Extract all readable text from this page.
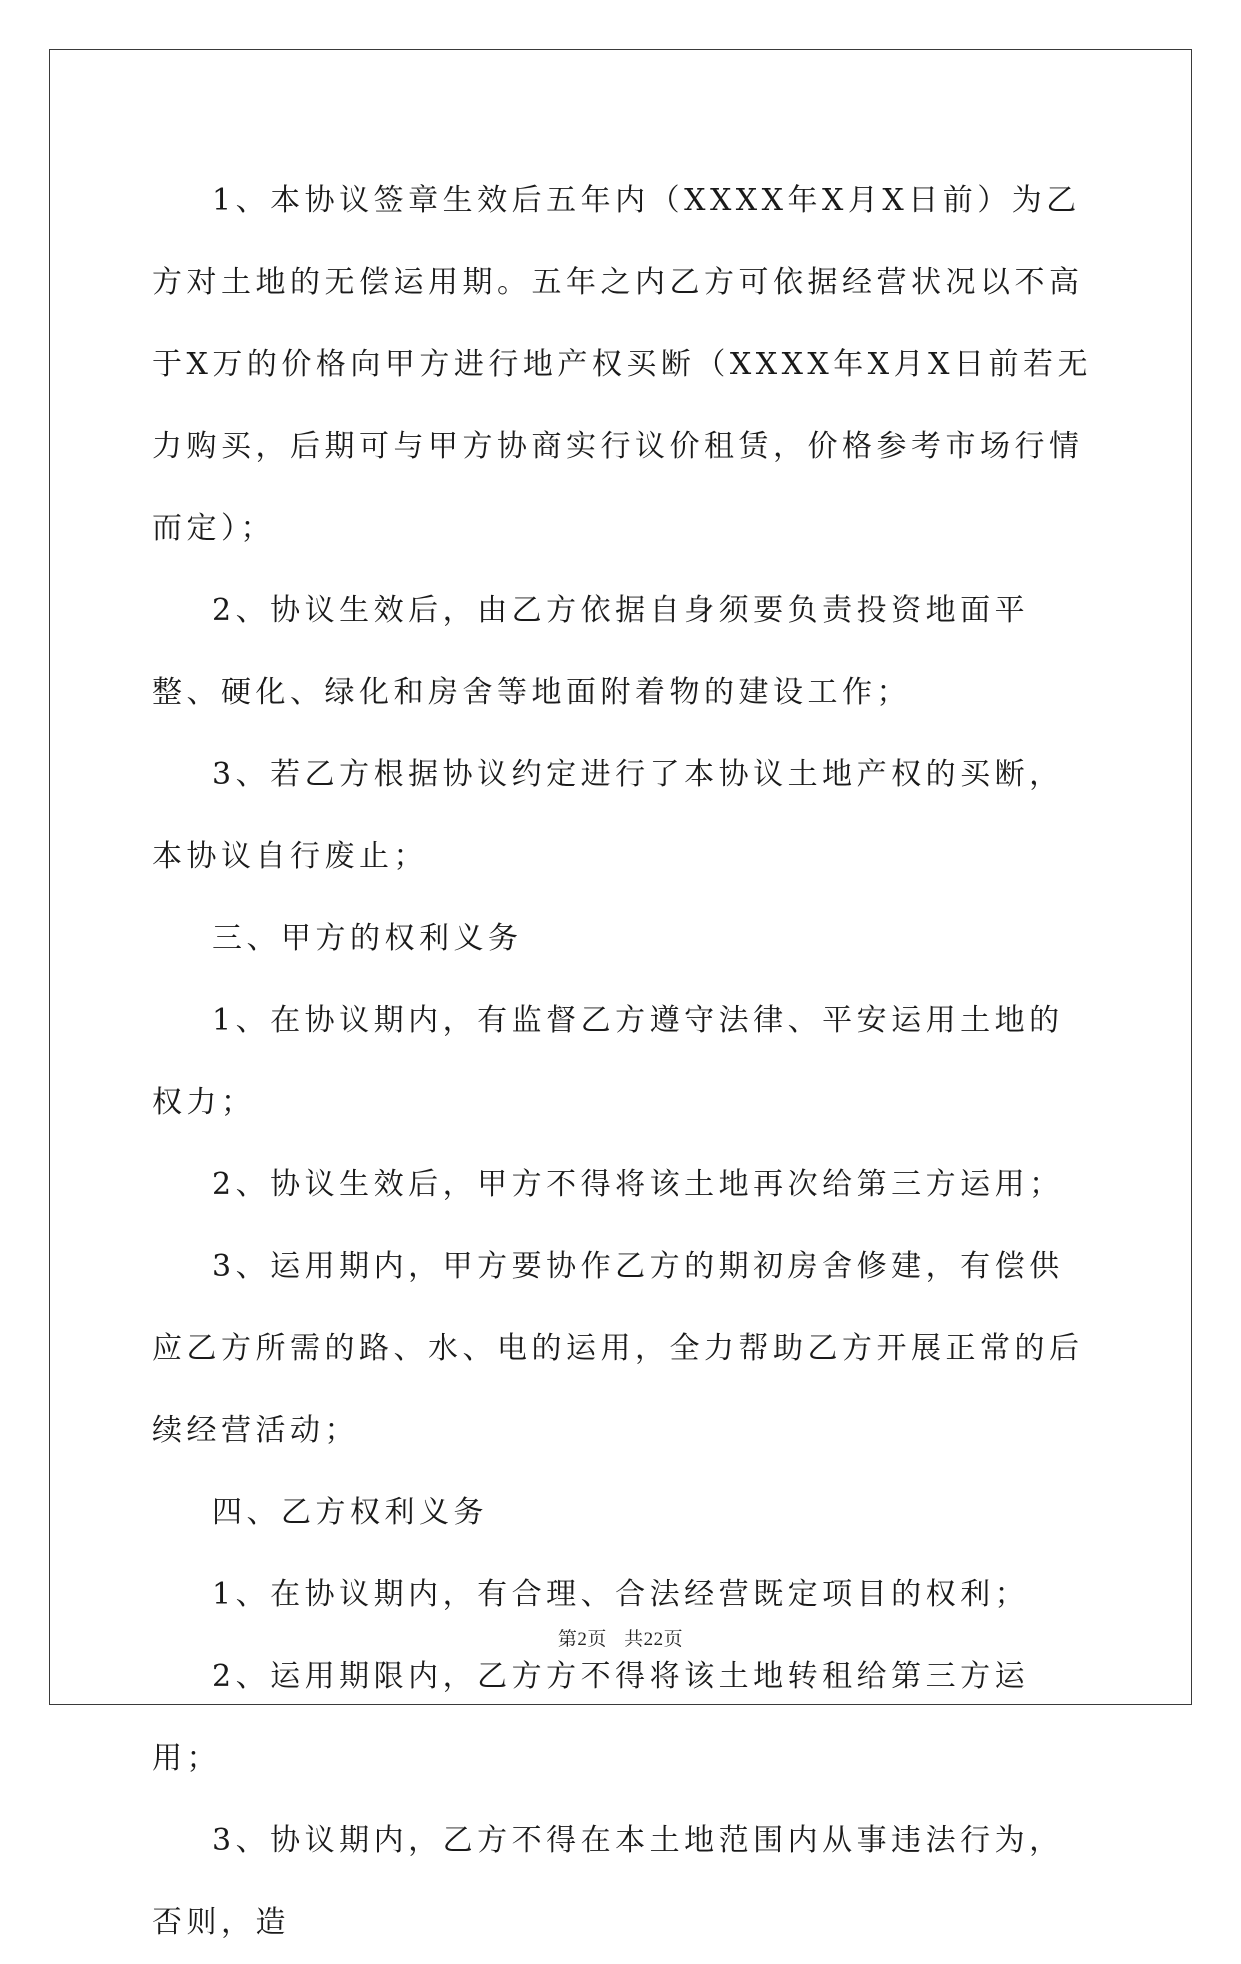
1、本协议签章生效后五年内（XXXX年X月X日前）为乙方对土地的无偿运用期。五年之内乙方可依据经营状况以不高于X万的价格向甲方进行地产权买断（XXXX年X月X日前若无力购买，后期可与甲方协商实行议价租赁，价格参考市场行情而定）；

2、协议生效后，由乙方依据自身须要负责投资地面平整、硬化、绿化和房舍等地面附着物的建设工作；

3、若乙方根据协议约定进行了本协议土地产权的买断，本协议自行废止；

三、甲方的权利义务

1、在协议期内，有监督乙方遵守法律、平安运用土地的权力；

2、协议生效后，甲方不得将该土地再次给第三方运用；

3、运用期内，甲方要协作乙方的期初房舍修建，有偿供应乙方所需的路、水、电的运用，全力帮助乙方开展正常的后续经营活动；

四、乙方权利义务

1、在协议期内，有合理、合法经营既定项目的权利；

2、运用期限内，乙方方不得将该土地转租给第三方运用；

3、协议期内，乙方不得在本土地范围内从事违法行为，否则，造

第2页 共22页
